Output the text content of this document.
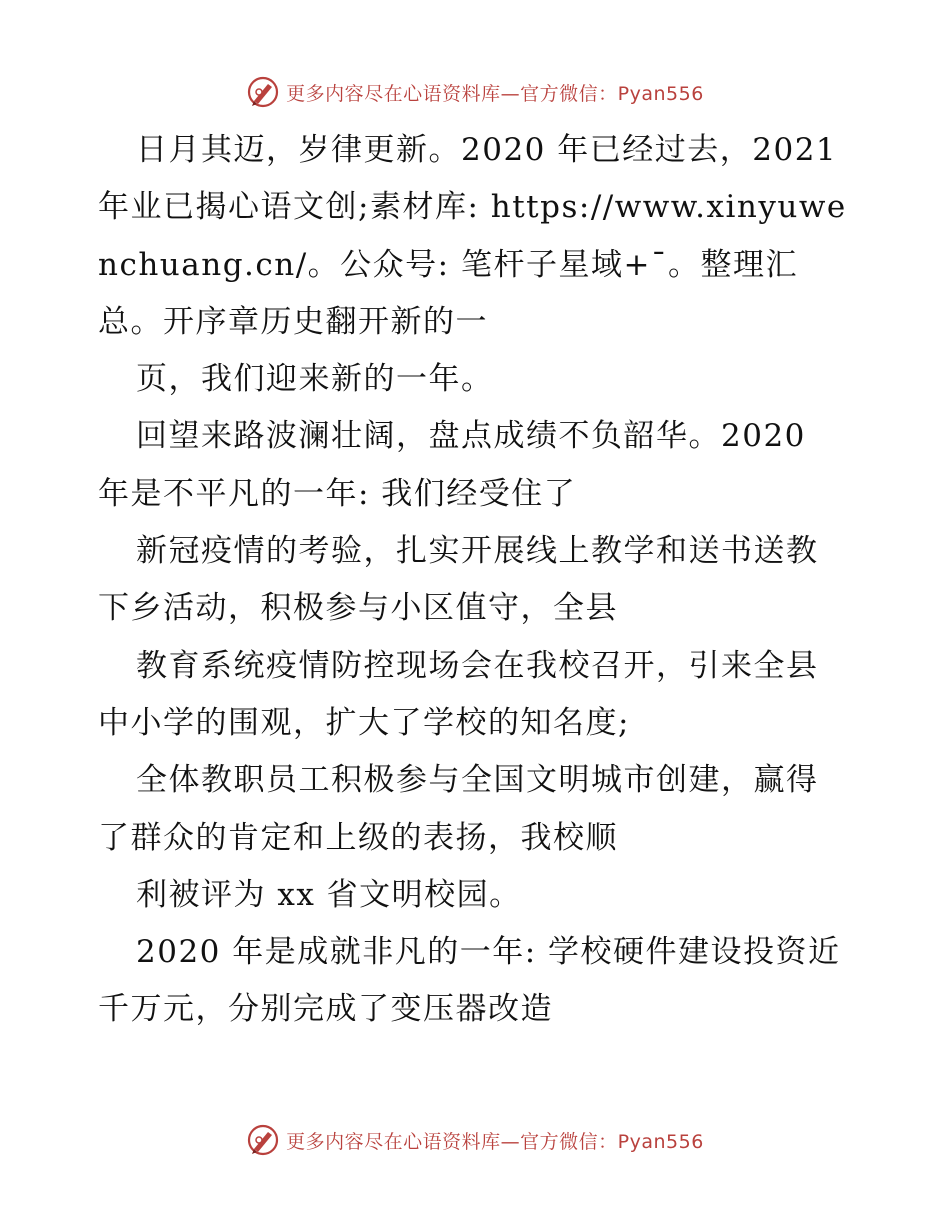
更多内容尽在心语资料库—官方微信：Pyan556
日月其迈，岁律更新。2020 年已经过去，2021
年业已揭心语文创;素材库: https://www.xinyuwe
nchuang.cn/。公众号: 笔杆子星域+¯。整理汇
总。开序章历史翻开新的一
页，我们迎来新的一年。
回望来路波澜壮阔，盘点成绩不负韶华。2020
年是不平凡的一年: 我们经受住了
新冠疫情的考验，扎实开展线上教学和送书送教
下乡活动，积极参与小区值守，全县
教育系统疫情防控现场会在我校召开，引来全县
中小学的围观，扩大了学校的知名度;
全体教职员工积极参与全国文明城市创建，赢得
了群众的肯定和上级的表扬，我校顺
利被评为 xx 省文明校园。
2020 年是成就非凡的一年: 学校硬件建设投资近
千万元，分别完成了变压器改造
更多内容尽在心语资料库—官方微信：Pyan556
